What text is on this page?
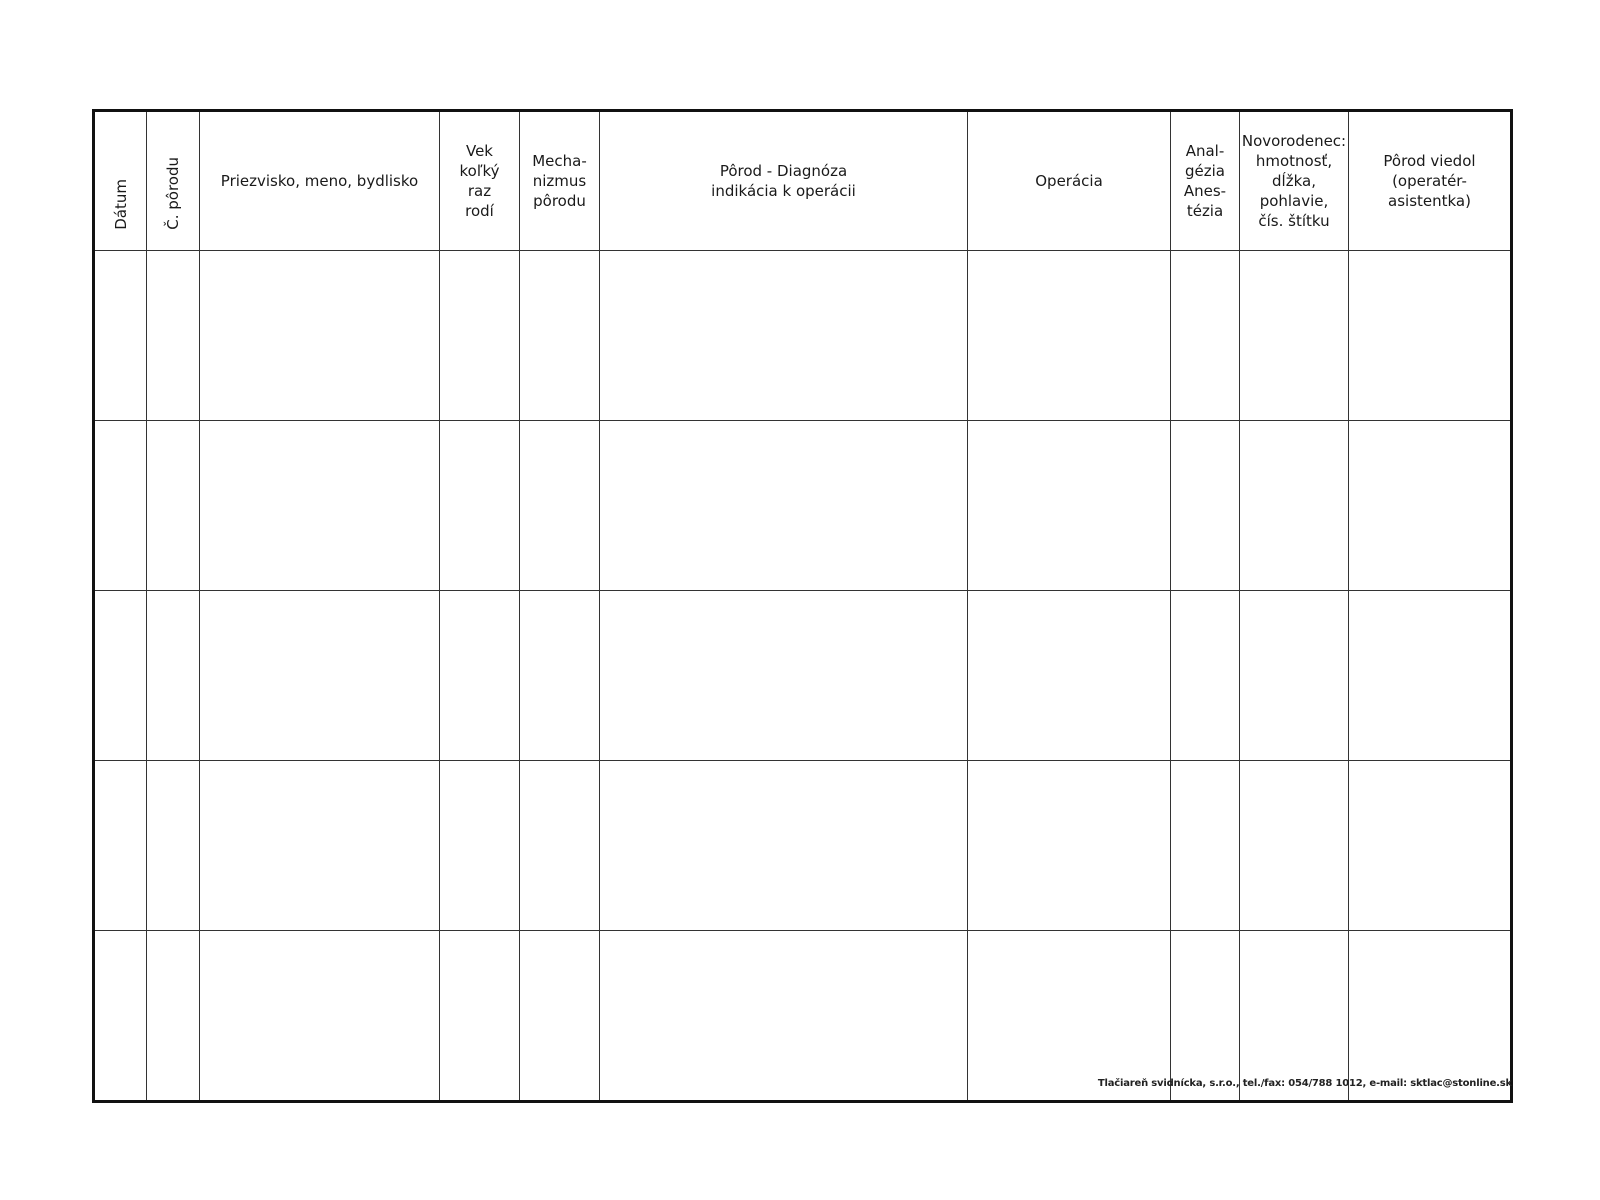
Dátum	Č. pôrodu	Priezvisko, meno, bydlisko	Vek
koľký
raz
rodí	Mecha-
nizmus
pôrodu	Pôrod - Diagnóza
indikácia k operácii	Operácia	Anal-
gézia
Anes-
tézia	Novorodenec:
hmotnosť,
dĺžka,
pohlavie,
čís. štítku	Pôrod viedol
(operatér-
asistentka)

Tlačiareň svidnícka, s.r.o., tel./fax: 054/788 1012, e-mail: sktlac@stonline.sk
